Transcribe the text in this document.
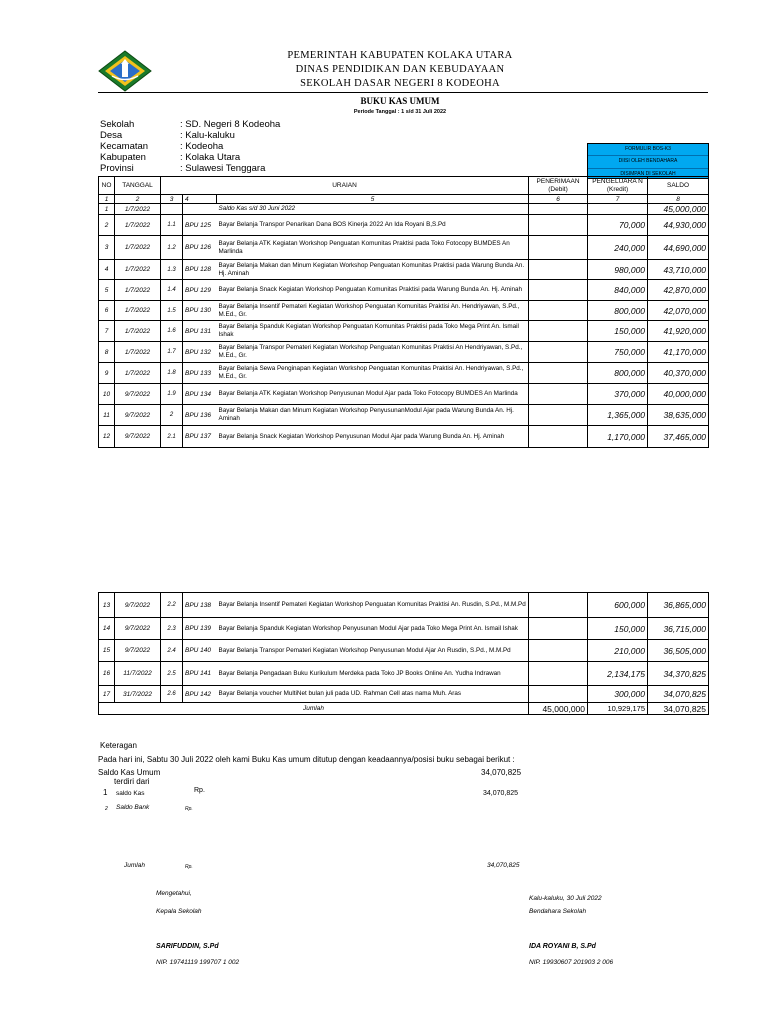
PEMERINTAH KABUPATEN KOLAKA UTARA
DINAS PENDIDIKAN DAN KEBUDAYAAN
SEKOLAH DASAR NEGERI 8 KODEOHA
BUKU KAS UMUM
Periode Tanggal : 1 s/d 31 Juli 2022
Sekolah	: SD. Negeri 8 Kodeoha
Desa	: Kalu-kaluku
Kecamatan	: Kodeoha
Kabupaten	: Kolaka Utara
Provinsi	: Sulawesi Tenggara
FORMULIR BOS-K3
DIISI OLEH BENDAHARA
DISIMPAN DI SEKOLAH
NO	TANGGAL	URAIAN			PENERIMAAN (Debit)	PENGELUARA N (Kredit)	SALDO
1	2	3	4	5	6	7	8
1	1/7/2022			Saldo Kas s/d 30 Juni 2022			45,000,000
2	1/7/2022	1.1	BPU 125	Bayar Belanja Transpor Penarikan Dana BOS Kinerja 2022 An Ida Royani B,S.Pd		70,000	44,930,000
3	1/7/2022	1.2	BPU 126	Bayar Belanja ATK Kegiatan Workshop Penguatan Komunitas Praktisi pada Toko Fotocopy BUMDES An Marlinda		240,000	44,690,000
4	1/7/2022	1.3	BPU 128	Bayar Belanja Makan dan Minum Kegiatan Workshop Penguatan Komunitas Praktisi pada Warung Bunda An. Hj. Aminah		980,000	43,710,000
5	1/7/2022	1.4	BPU 129	Bayar Belanja Snack Kegiatan Workshop Penguatan Komunitas Praktisi pada Warung Bunda An. Hj. Aminah		840,000	42,870,000
6	1/7/2022	1.5	BPU 130	Bayar Belanja Insentif Pemateri Kegiatan Workshop Penguatan Komunitas Praktisi An. Hendriyawan, S.Pd., M.Ed., Gr.		800,000	42,070,000
7	1/7/2022	1.6	BPU 131	Bayar Belanja Spanduk Kegiatan Workshop Penguatan Komunitas Praktisi pada Toko Mega Print An. Ismail Ishak		150,000	41,920,000
8	1/7/2022	1.7	BPU 132	Bayar Belanja Transpor Pemateri Kegiatan Workshop Penguatan Komunitas Praktisi An Hendriyawan, S.Pd., M.Ed., Gr.		750,000	41,170,000
9	1/7/2022	1.8	BPU 133	Bayar Belanja Sewa Penginapan Kegiatan Workshop Penguatan Komunitas Praktisi An. Hendriyawan, S.Pd., M.Ed., Gr.		800,000	40,370,000
10	9/7/2022	1.9	BPU 134	Bayar Belanja ATK Kegiatan Workshop Penyusunan Modul Ajar pada Toko Fotocopy BUMDES An Marlinda		370,000	40,000,000
11	9/7/2022	2	BPU 136	Bayar Belanja Makan dan Minum Kegiatan Workshop PenyusunanModul Ajar pada Warung Bunda An. Hj. Aminah		1,365,000	38,635,000
12	9/7/2022	2.1	BPU 137	Bayar Belanja Snack Kegiatan Workshop Penyusunan Modul Ajar pada Warung Bunda An. Hj. Aminah		1,170,000	37,465,000
13	9/7/2022	2.2	BPU 138	Bayar Belanja Insentif Pemateri Kegiatan Workshop Penguatan Komunitas Praktisi An. Rusdin, S.Pd., M.M.Pd		600,000	36,865,000
14	9/7/2022	2.3	BPU 139	Bayar Belanja Spanduk Kegiatan Workshop Penyusunan Modul Ajar pada Toko Mega Print An. Ismail Ishak		150,000	36,715,000
15	9/7/2022	2.4	BPU 140	Bayar Belanja Transpor Pemateri Kegiatan Workshop Penyusunan Modul Ajar An Rusdin, S.Pd., M.M.Pd		210,000	36,505,000
16	11/7/2022	2.5	BPU 141	Bayar Belanja Pengadaan Buku Kurikulum Merdeka pada Toko JP Books Online An. Yudha Indrawan		2,134,175	34,370,825
17	31/7/2022	2.6	BPU 142	Bayar Belanja voucher MultiNet bulan juli pada UD. Rahman Cell atas nama Muh. Aras		300,000	34,070,825
Jumlah					45,000,000	10,929,175	34,070,825
Keteragan
Pada hari ini, Sabtu 30 Juli 2022 oleh kami Buku Kas umum ditutup dengan keadaannya/posisi buku sebagai berikut :
Saldo Kas Umum	34,070,825
terdiri dari
1 saldo Kas	Rp.	34,070,825
2 Saldo Bank	Rp.
Jumlah	Rp.	34,070,825
Mengetahui,
Kepala Sekolah
SARIFUDDIN, S.Pd
NIP. 19741119 199707 1 002
Kalu-kaluku, 30 Juli 2022
Bendahara Sekolah
IDA ROYANI B, S.Pd
NIP. 19930607 201903 2 006
